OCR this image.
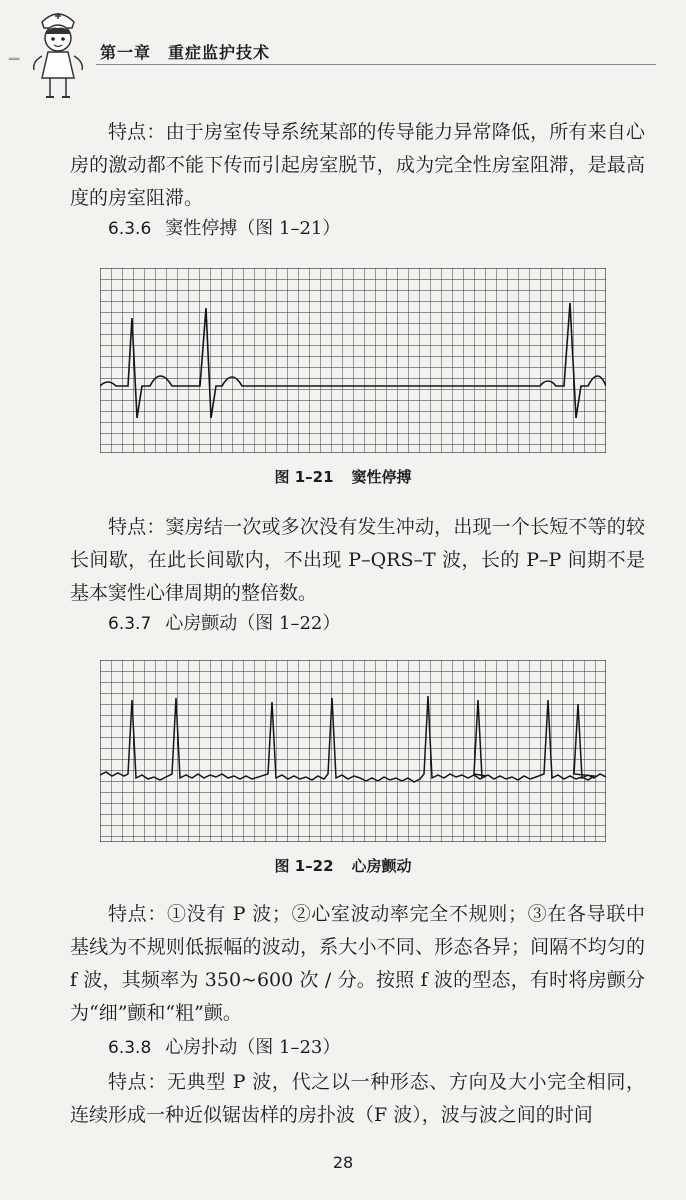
║	第一章　重症监护技术

特点：由于房室传导系统某部的传导能力异常降低，所有来自心房的激动都不能下传而引起房室脱节，成为完全性房室阻滞，是最高度的房室阻滞。

6.3.6 窦性停搏（图 1–21）

图 1–21 窦性停搏

特点：窦房结一次或多次没有发生冲动，出现一个长短不等的较长间歇，在此长间歇内，不出现 P–QRS–T 波，长的 P–P 间期不是基本窦性心律周期的整倍数。

6.3.7 心房颤动（图 1–22）

图 1–22 心房颤动

特点：①没有 P 波；②心室波动率完全不规则；③在各导联中基线为不规则低振幅的波动，系大小不同、形态各异；间隔不均匀的 f 波，其频率为 350~600 次 / 分。按照 f 波的型态，有时将房颤分为“细”颤和“粗”颤。

6.3.8 心房扑动（图 1–23）

特点：无典型 P 波，代之以一种形态、方向及大小完全相同，连续形成一种近似锯齿样的房扑波（F 波），波与波之间的时间

28
